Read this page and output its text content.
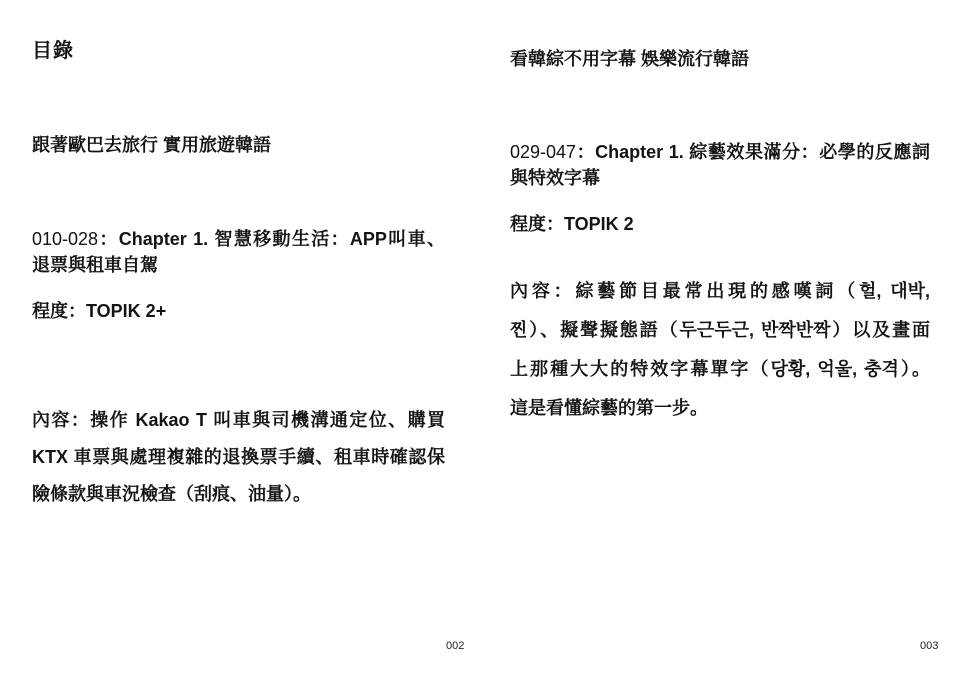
目錄
跟著歐巴去旅行 實用旅遊韓語
010-028：Chapter 1. 智慧移動生活：APP叫車、
退票與租車自駕
程度：TOPIK 2+
內容：操作 Kakao T 叫車與司機溝通定位、購買
KTX 車票與處理複雜的退換票手續、租車時確認保
險條款與車況檢查（刮痕、油量）。
002
看韓綜不用字幕 娛樂流行韓語
029-047：Chapter 1. 綜藝效果滿分：必學的反應詞
與特效字幕
程度：TOPIK 2
內容：綜藝節目最常出現的感嘆詞（헐, 대박,
찐）、擬聲擬態語（두근두근, 반짝반짝）以及畫面
上那種大大的特效字幕單字（당황, 억울, 충격）。
這是看懂綜藝的第一步。
003
